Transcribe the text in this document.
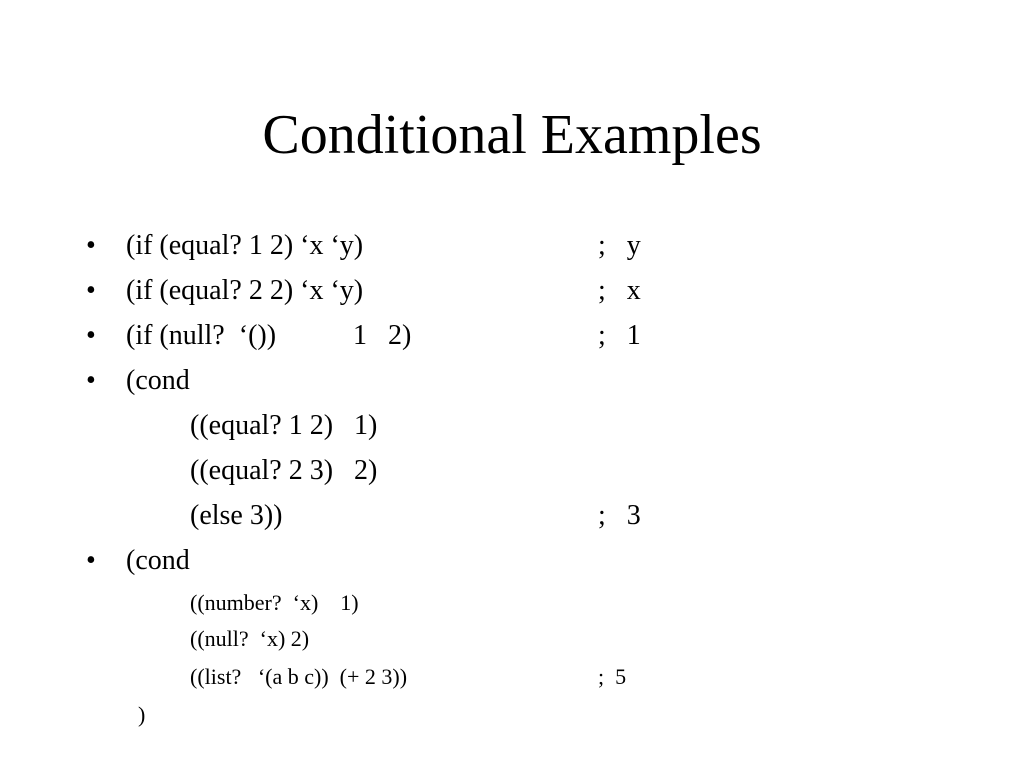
Conditional Examples
• (if (equal? 1 2) ‘x ‘y)	;   y
• (if (equal? 2 2) ‘x ‘y)	;   x
• (if (null?  ‘())           1   2)	;   1
• (cond
((equal? 1 2)   1)
((equal? 2 3)   2)
(else 3))	;   3
• (cond
((number?  ‘x)    1)
((null?  ‘x) 2)
((list?   ‘(a b c))  (+ 2 3))	;  5
)
